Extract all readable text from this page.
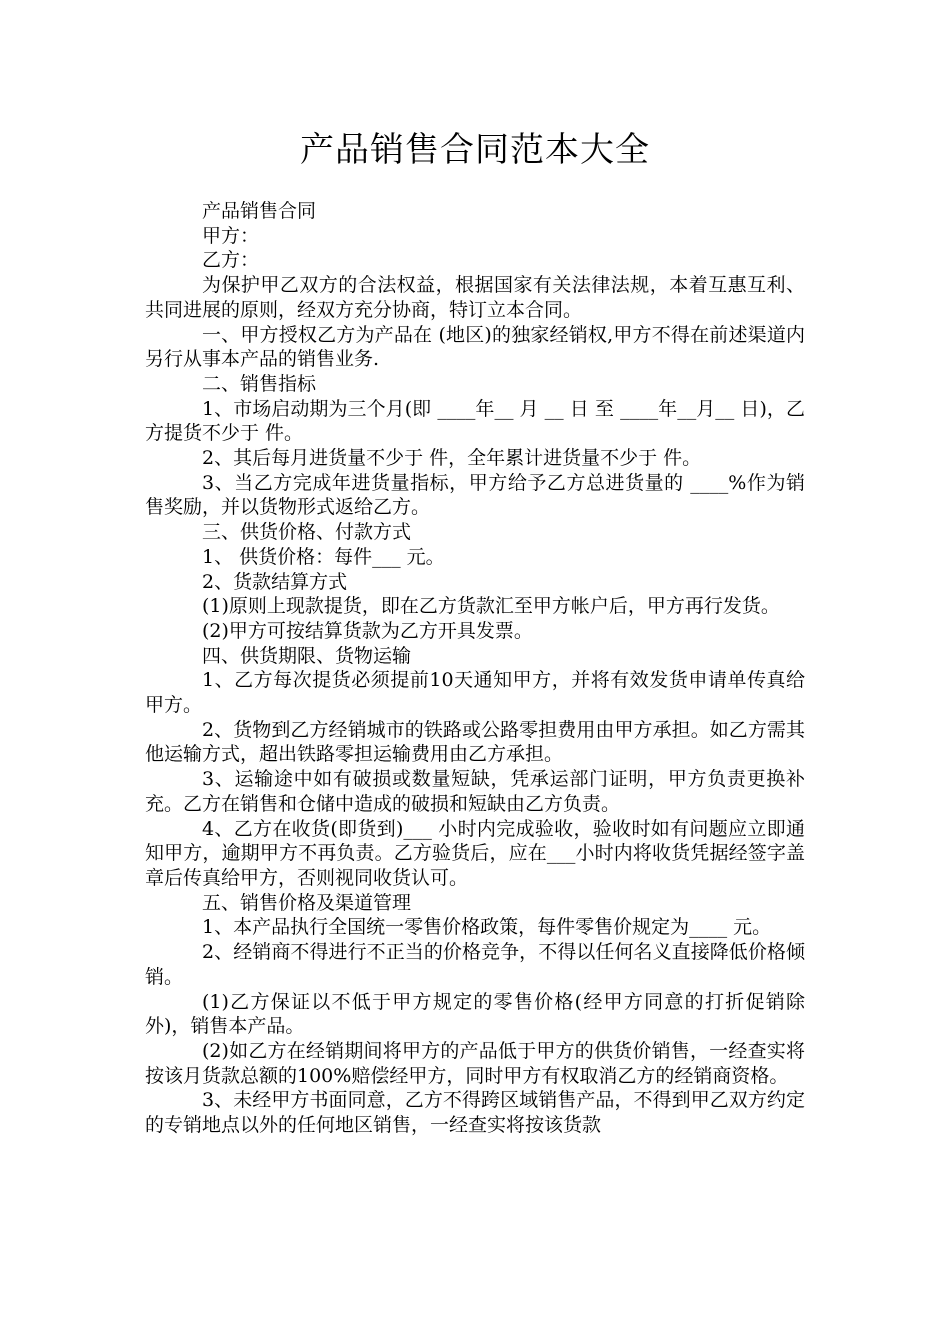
产品销售合同范本大全

产品销售合同

甲方：

乙方：

为保护甲乙双方的合法权益，根据国家有关法律法规，本着互惠互利、共同进展的原则，经双方充分协商，特订立本合同。

一、甲方授权乙方为产品在 (地区)的独家经销权,甲方不得在前述渠道内另行从事本产品的销售业务.

二、销售指标

1、市场启动期为三个月(即 ____年__ 月 __ 日 至 ____年__月__ 日)，乙方提货不少于 件。

2、其后每月进货量不少于 件，全年累计进货量不少于 件。

3、当乙方完成年进货量指标，甲方给予乙方总进货量的 ____%作为销售奖励，并以货物形式返给乙方。

三、供货价格、付款方式

1、 供货价格：每件___ 元。

2、货款结算方式

(1)原则上现款提货，即在乙方货款汇至甲方帐户后，甲方再行发货。

(2)甲方可按结算货款为乙方开具发票。

四、供货期限、货物运输

1、乙方每次提货必须提前10天通知甲方，并将有效发货申请单传真给甲方。

2、货物到乙方经销城市的铁路或公路零担费用由甲方承担。如乙方需其他运输方式，超出铁路零担运输费用由乙方承担。

3、运输途中如有破损或数量短缺，凭承运部门证明，甲方负责更换补充。乙方在销售和仓储中造成的破损和短缺由乙方负责。

4、乙方在收货(即货到)___ 小时内完成验收，验收时如有问题应立即通知甲方，逾期甲方不再负责。乙方验货后，应在___小时内将收货凭据经签字盖章后传真给甲方，否则视同收货认可。

五、销售价格及渠道管理

1、本产品执行全国统一零售价格政策，每件零售价规定为____ 元。

2、经销商不得进行不正当的价格竞争，不得以任何名义直接降低价格倾销。

(1)乙方保证以不低于甲方规定的零售价格(经甲方同意的打折促销除外)，销售本产品。

(2)如乙方在经销期间将甲方的产品低于甲方的供货价销售，一经查实将按该月货款总额的100%赔偿经甲方，同时甲方有权取消乙方的经销商资格。

3、未经甲方书面同意，乙方不得跨区域销售产品，不得到甲乙双方约定的专销地点以外的任何地区销售，一经查实将按该货款
